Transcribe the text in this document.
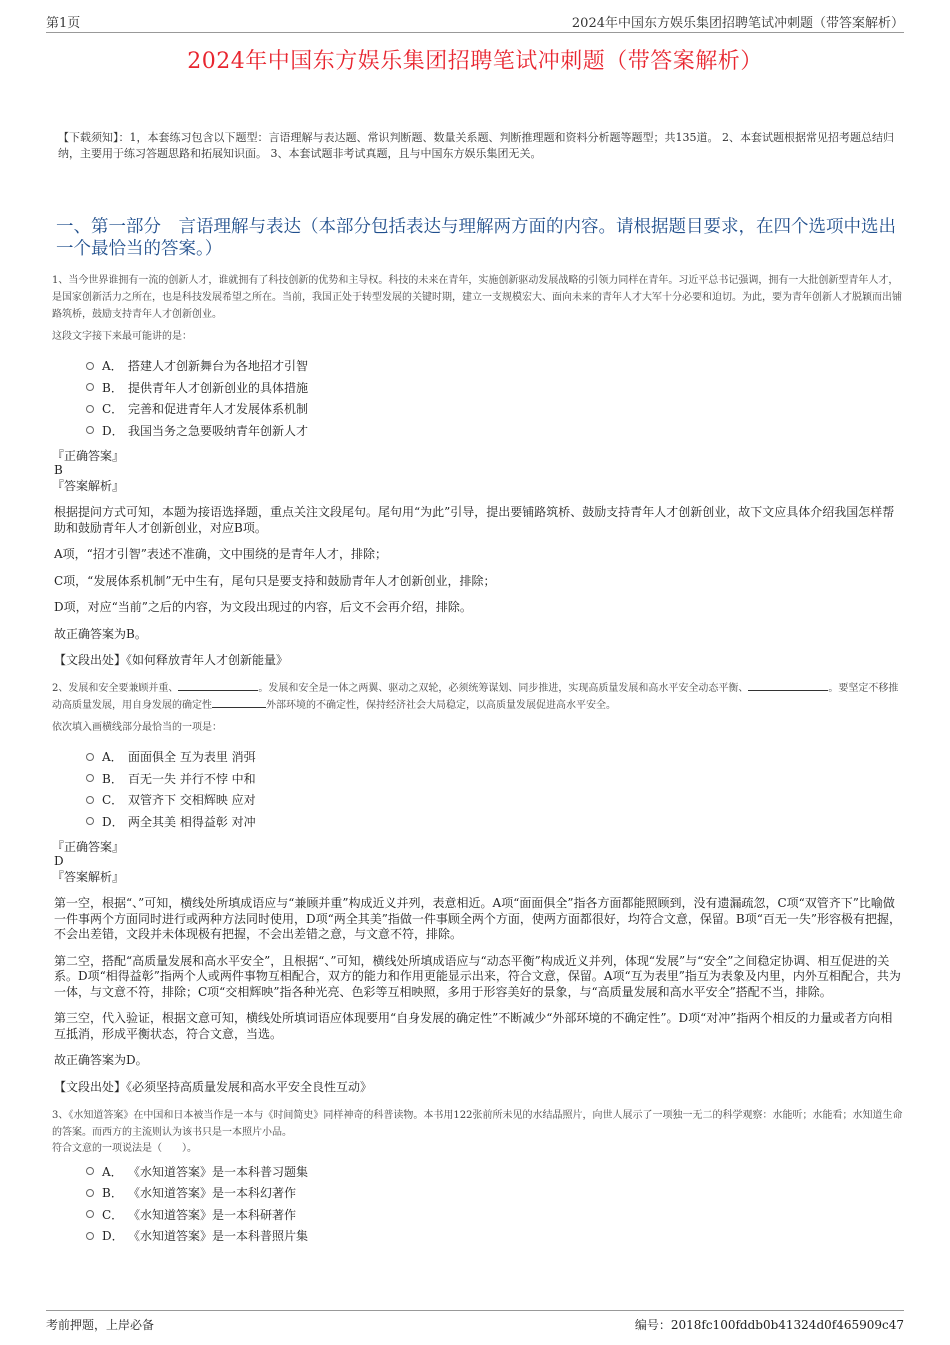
第1页	2024年中国东方娱乐集团招聘笔试冲刺题（带答案解析）
2024年中国东方娱乐集团招聘笔试冲刺题（带答案解析）
【下载须知】：1，本套练习包含以下题型：言语理解与表达题、常识判断题、数量关系题、判断推理题和资料分析题等题型；共135道。 2、本套试题根据常见招考题总结归纳，主要用于练习答题思路和拓展知识面。 3、本套试题非考试真题，且与中国东方娱乐集团无关。
一、第一部分　言语理解与表达（本部分包括表达与理解两方面的内容。请根据题目要求，在四个选项中选出一个最恰当的答案。）

1、当今世界谁拥有一流的创新人才，谁就拥有了科技创新的优势和主导权。科技的未来在青年，实施创新驱动发展战略的引领力同样在青年。习近平总书记强调，拥有一大批创新型青年人才，是国家创新活力之所在，也是科技发展希望之所在。当前，我国正处于转型发展的关键时期，建立一支规模宏大、面向未来的青年人才大军十分必要和迫切。为此，要为青年创新人才脱颖而出铺路筑桥，鼓励支持青年人才创新创业。

这段文字接下来最可能讲的是：

A． 搭建人才创新舞台为各地招才引智
B． 提供青年人才创新创业的具体措施
C． 完善和促进青年人才发展体系机制
D． 我国当务之急要吸纳青年创新人才

『正确答案』

B

『答案解析』

根据提问方式可知，本题为接语选择题，重点关注文段尾句。尾句用“为此”引导，提出要铺路筑桥、鼓励支持青年人才创新创业，故下文应具体介绍我国怎样帮助和鼓励青年人才创新创业，对应B项。

A项，“招才引智”表述不准确，文中围绕的是青年人才，排除；

C项，“发展体系机制”无中生有，尾句只是要支持和鼓励青年人才创新创业，排除；

D项，对应“当前”之后的内容，为文段出现过的内容，后文不会再介绍，排除。

故正确答案为B。

【文段出处】《如何释放青年人才创新能量》

2、发展和安全要兼顾并重、	。发展和安全是一体之两翼、驱动之双轮，必须统筹谋划、同步推进，实现高质量发展和高水平安全动态平衡、	。要坚定不移推动高质量发展，用自身发展的确定性	外部环境的不确定性，保持经济社会大局稳定，以高质量发展促进高水平安全。

依次填入画横线部分最恰当的一项是：

A． 面面俱全 互为表里 消弭
B． 百无一失 并行不悖 中和
C． 双管齐下 交相辉映 应对
D． 两全其美 相得益彰 对冲

『正确答案』

D

『答案解析』

第一空，根据“、”可知，横线处所填成语应与“兼顾并重”构成近义并列，表意相近。A项“面面俱全”指各方面都能照顾到，没有遗漏疏忽，C项“双管齐下”比喻做一件事两个方面同时进行或两种方法同时使用，D项“两全其美”指做一件事顾全两个方面，使两方面都很好，均符合文意，保留。B项“百无一失”形容极有把握，不会出差错，文段并未体现极有把握，不会出差错之意，与文意不符，排除。

第二空，搭配“高质量发展和高水平安全”，且根据“、”可知，横线处所填成语应与“动态平衡”构成近义并列，体现“发展”与“安全”之间稳定协调、相互促进的关系。D项“相得益彰”指两个人或两件事物互相配合，双方的能力和作用更能显示出来，符合文意，保留。A项“互为表里”指互为表象及内里，内外互相配合，共为一体，与文意不符，排除；C项“交相辉映”指各种光亮、色彩等互相映照，多用于形容美好的景象，与“高质量发展和高水平安全”搭配不当，排除。

第三空，代入验证，根据文意可知，横线处所填词语应体现要用“自身发展的确定性”不断减少“外部环境的不确定性”。D项“对冲”指两个相反的力量或者方向相互抵消，形成平衡状态，符合文意，当选。

故正确答案为D。

【文段出处】《必须坚持高质量发展和高水平安全良性互动》

3、《水知道答案》在中国和日本被当作是一本与《时间简史》同样神奇的科普读物。本书用122张前所未见的水结晶照片，向世人展示了一项独一无二的科学观察：水能听；水能看；水知道生命的答案。而西方的主流则认为该书只是一本照片小品。

符合文意的一项说法是（　　）。

A． 《水知道答案》是一本科普习题集
B． 《水知道答案》是一本科幻著作
C． 《水知道答案》是一本科研著作
D． 《水知道答案》是一本科普照片集
考前押题，上岸必备	编号：2018fc100fddb0b41324d0f465909c47
